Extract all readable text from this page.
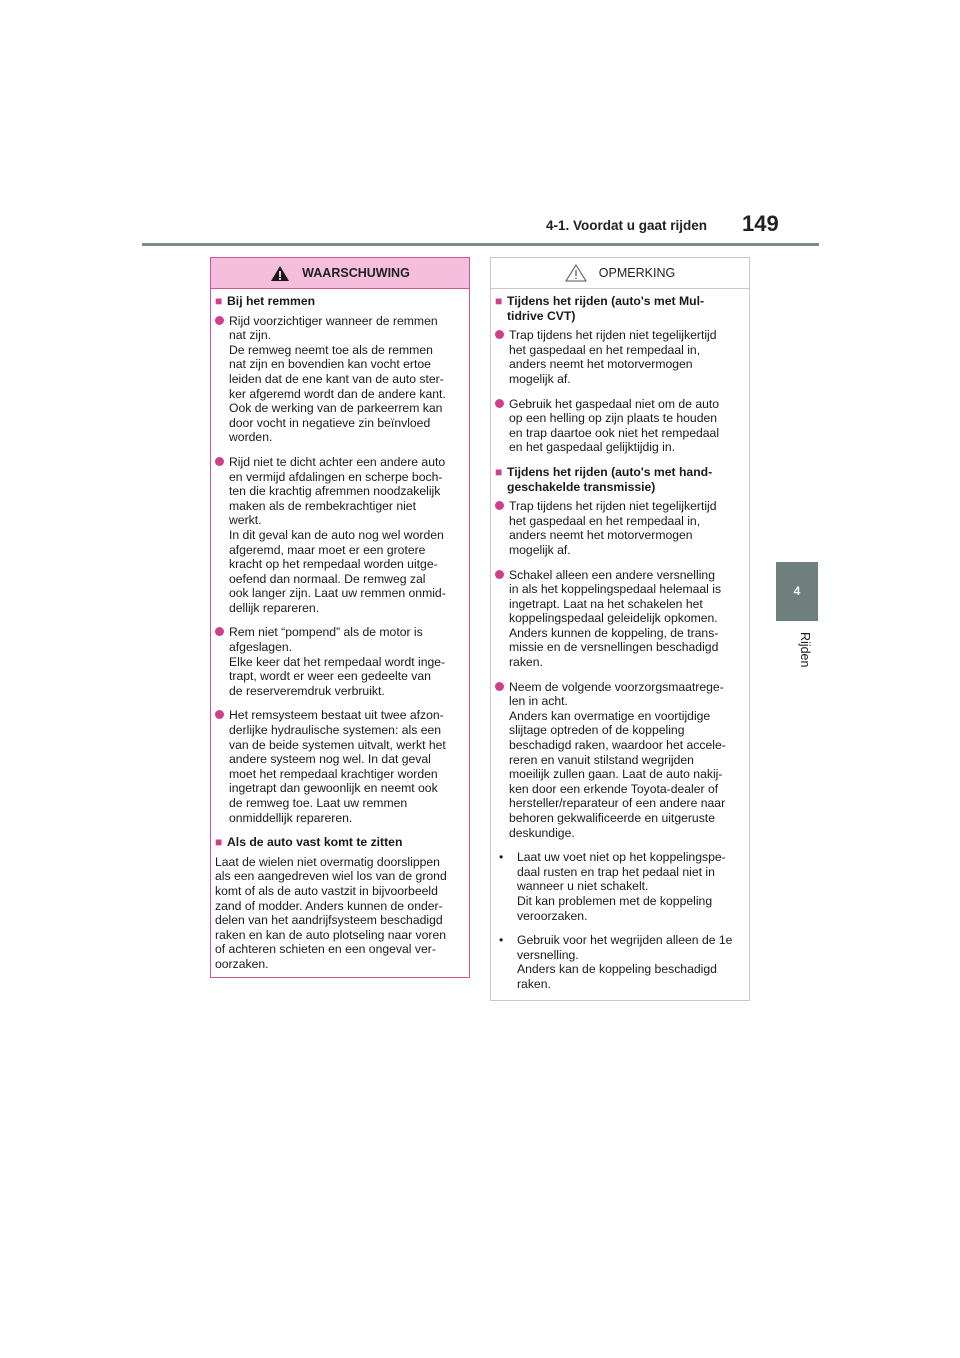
4-1. Voordat u gaat rijden 149
4
Rijden
WAARSCHUWING
■ Bij het remmen
Rijd voorzichtiger wanneer de remmen
nat zijn.
De remweg neemt toe als de remmen
nat zijn en bovendien kan vocht ertoe
leiden dat de ene kant van de auto ster-
ker afgeremd wordt dan de andere kant.
Ook de werking van de parkeerrem kan
door vocht in negatieve zin beïnvloed
worden.
Rijd niet te dicht achter een andere auto
en vermijd afdalingen en scherpe boch-
ten die krachtig afremmen noodzakelijk
maken als de rembekrachtiger niet
werkt.
In dit geval kan de auto nog wel worden
afgeremd, maar moet er een grotere
kracht op het rempedaal worden uitge-
oefend dan normaal. De remweg zal
ook langer zijn. Laat uw remmen onmid-
dellijk repareren.
Rem niet “pompend” als de motor is
afgeslagen.
Elke keer dat het rempedaal wordt inge-
trapt, wordt er weer een gedeelte van
de reserveremdruk verbruikt.
Het remsysteem bestaat uit twee afzon-
derlijke hydraulische systemen: als een
van de beide systemen uitvalt, werkt het
andere systeem nog wel. In dat geval
moet het rempedaal krachtiger worden
ingetrapt dan gewoonlijk en neemt ook
de remweg toe. Laat uw remmen
onmiddellijk repareren.
■ Als de auto vast komt te zitten
Laat de wielen niet overmatig doorslippen
als een aangedreven wiel los van de grond
komt of als de auto vastzit in bijvoorbeeld
zand of modder. Anders kunnen de onder-
delen van het aandrijfsysteem beschadigd
raken en kan de auto plotseling naar voren
of achteren schieten en een ongeval ver-
oorzaken.
OPMERKING
■ Tijdens het rijden (auto's met Mul-
tidrive CVT)
Trap tijdens het rijden niet tegelijkertijd
het gaspedaal en het rempedaal in,
anders neemt het motorvermogen
mogelijk af.
Gebruik het gaspedaal niet om de auto
op een helling op zijn plaats te houden
en trap daartoe ook niet het rempedaal
en het gaspedaal gelijktijdig in.
■ Tijdens het rijden (auto's met hand-
geschakelde transmissie)
Trap tijdens het rijden niet tegelijkertijd
het gaspedaal en het rempedaal in,
anders neemt het motorvermogen
mogelijk af.
Schakel alleen een andere versnelling
in als het koppelingspedaal helemaal is
ingetrapt. Laat na het schakelen het
koppelingspedaal geleidelijk opkomen.
Anders kunnen de koppeling, de trans-
missie en de versnellingen beschadigd
raken.
Neem de volgende voorzorgsmaatrege-
len in acht.
Anders kan overmatige en voortijdige
slijtage optreden of de koppeling
beschadigd raken, waardoor het accele-
reren en vanuit stilstand wegrijden
moeilijk zullen gaan. Laat de auto nakij-
ken door een erkende Toyota-dealer of
hersteller/reparateur of een andere naar
behoren gekwalificeerde en uitgeruste
deskundige.
•	Laat uw voet niet op het koppelingspe-
daal rusten en trap het pedaal niet in
wanneer u niet schakelt.
Dit kan problemen met de koppeling
veroorzaken.
•	Gebruik voor het wegrijden alleen de 1e
versnelling.
Anders kan de koppeling beschadigd
raken.
